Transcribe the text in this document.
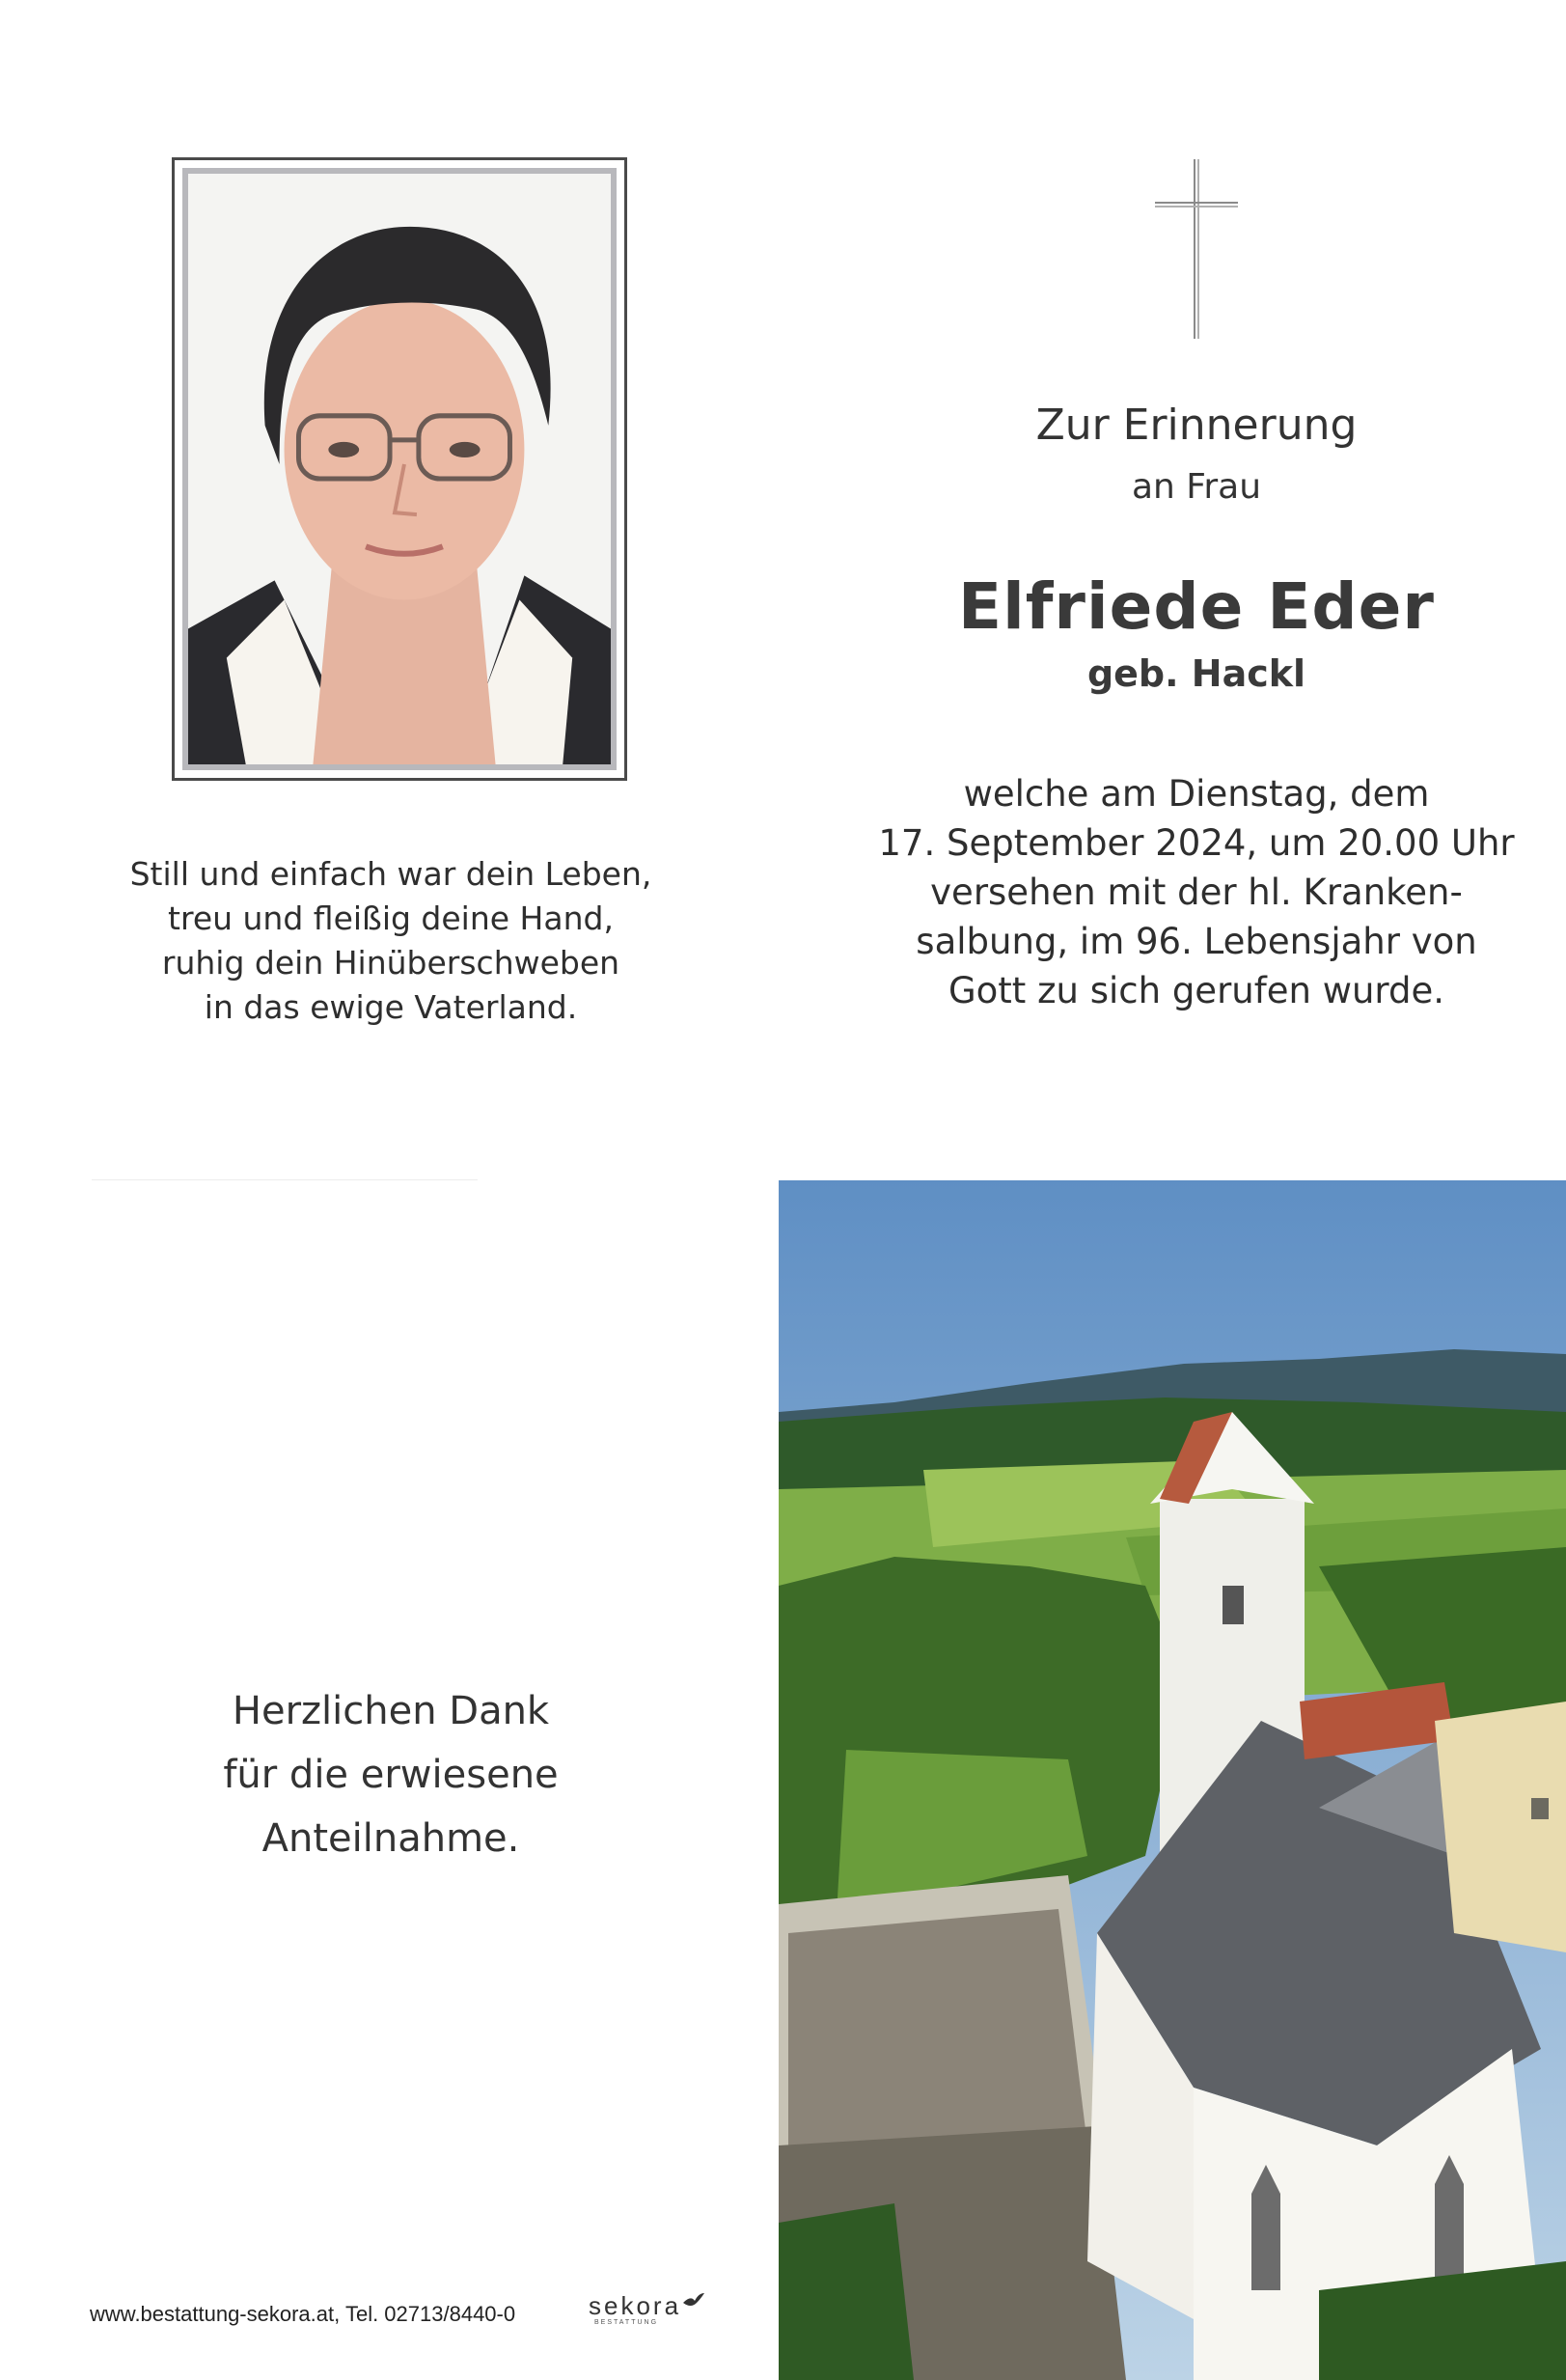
Still und einfach war dein Leben,
treu und fleißig deine Hand,
ruhig dein Hinüberschweben
in das ewige Vaterland.
Zur Erinnerung
an Frau
Elfriede Eder
geb. Hackl
welche am Dienstag, dem
17. September 2024, um 20.00 Uhr
versehen mit der hl. Kranken-
salbung, im 96. Lebensjahr von
Gott zu sich gerufen wurde.
Herzlichen Dank
für die erwiesene
Anteilnahme.
www.bestattung-sekora.at, Tel. 02713/8440-0	sekora
BESTATTUNG
